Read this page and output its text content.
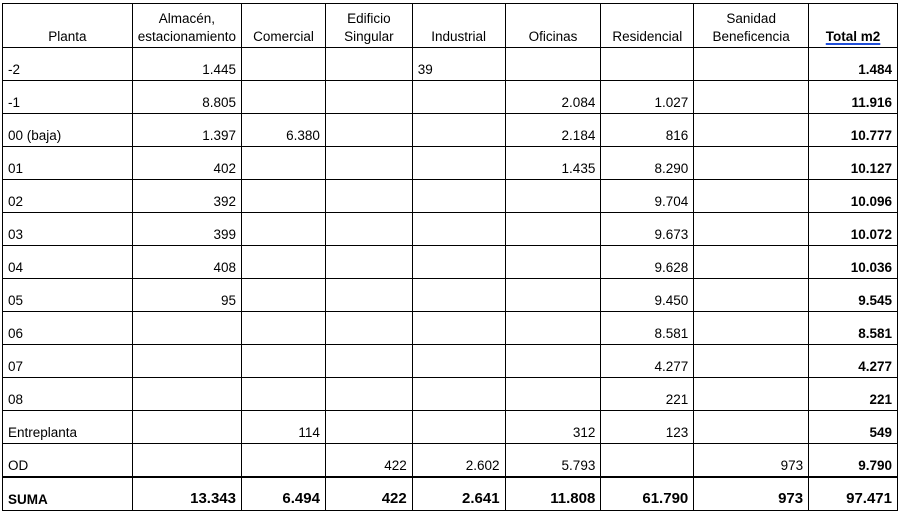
Planta	Almacén, estacionamiento	Comercial	Edificio Singular	Industrial	Oficinas	Residencial	Sanidad Beneficencia	Total m2
-2	1.445			39				1.484
-1	8.805				2.084	1.027		11.916
00 (baja)	1.397	6.380			2.184	816		10.777
01	402				1.435	8.290		10.127
02	392					9.704		10.096
03	399					9.673		10.072
04	408					9.628		10.036
05	95					9.450		9.545
06						8.581		8.581
07						4.277		4.277
08						221		221
Entreplanta		114			312	123		549
OD			422	2.602	5.793		973	9.790
SUMA	13.343	6.494	422	2.641	11.808	61.790	973	97.471
